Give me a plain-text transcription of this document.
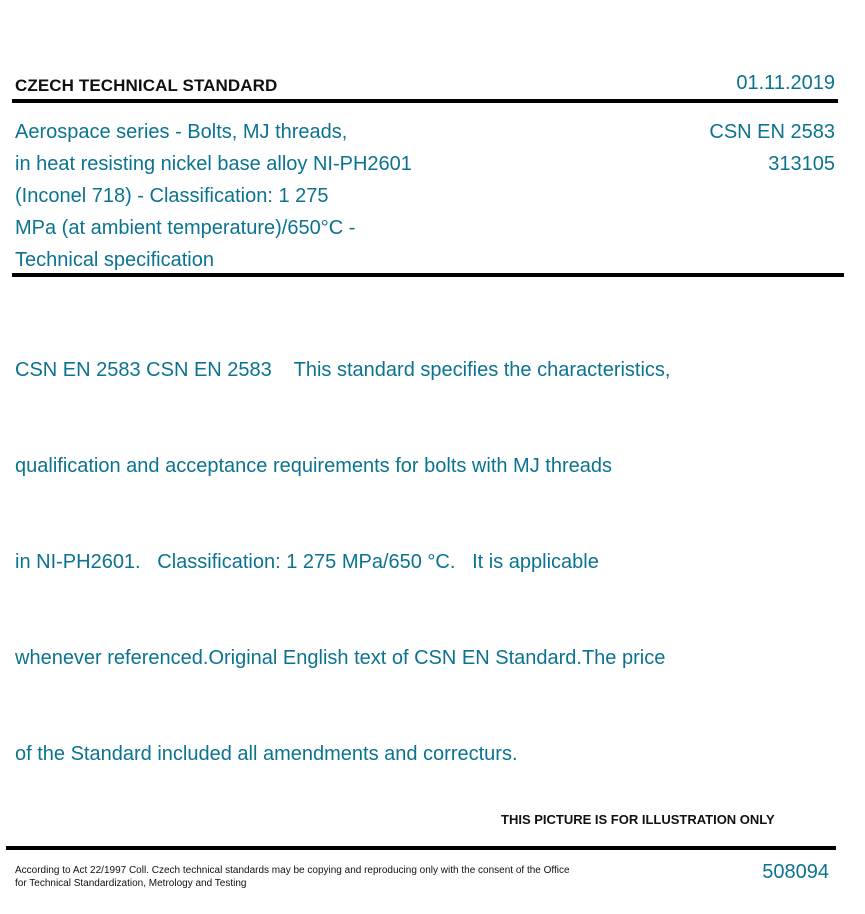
CZECH TECHNICAL STANDARD	01.11.2019
Aerospace series - Bolts, MJ threads,
in heat resisting nickel base alloy NI-PH2601
(Inconel 718) - Classification: 1 275
MPa (at ambient temperature)/650°C -
Technical specification
CSN EN 2583
313105

CSN EN 2583 CSN EN 2583    This standard specifies the characteristics,

qualification and acceptance requirements for bolts with MJ threads

in NI-PH2601.   Classification: 1 275 MPa/650 °C.   It is applicable

whenever referenced.Original English text of CSN EN Standard.The price

of the Standard included all amendments and correcturs.

THIS PICTURE IS FOR ILLUSTRATION ONLY
According to Act 22/1997 Coll. Czech technical standards may be copying and reproducing only with the consent of the Office
for Technical Standardization, Metrology and Testing
508094
